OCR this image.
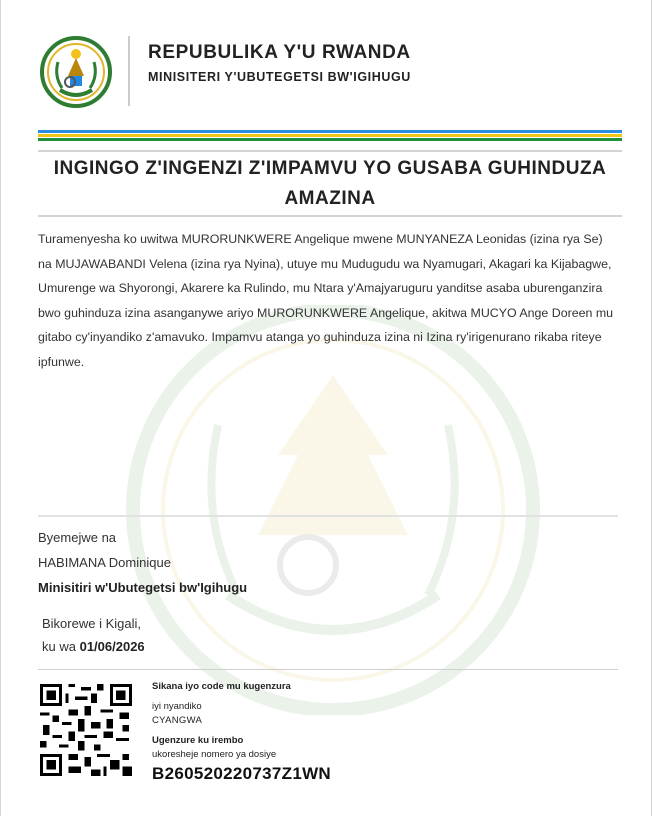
REPUBULIKA Y'U RWANDA
MINISITERI Y'UBUTEGETSI BW'IGIHUGU
INGINGO Z'INGENZI Z'IMPAMVU YO GUSABA GUHINDUZA AMAZINA
Turamenyesha ko uwitwa MURORUNKWERE Angelique mwene MUNYANEZA Leonidas (izina rya Se) na MUJAWABANDI Velena (izina rya Nyina), utuye mu Mudugudu wa Nyamugari, Akagari ka Kijabagwe, Umurenge wa Shyorongi, Akarere ka Rulindo, mu Ntara y'Amajyaruguru yanditse asaba uburenganzira bwo guhinduza izina asanganywe ariyo MURORUNKWERE Angelique, akitwa MUCYO Ange Doreen mu gitabo cy'inyandiko z'amavuko. Impamvu atanga yo guhinduza izina ni Izina ry'irigenurano rikaba riteye ipfunwe.
Byemejwe na
HABIMANA Dominique
Minisitiri w'Ubutegetsi bw'Igihugu
Bikorewe i Kigali,
ku wa 01/06/2026
Sikana iyo code mu kugenzura
iyi nyandiko
CYANGWA
Ugenzure ku irembo
ukoresheje nomero ya dosiye
B260520220737Z1WN
